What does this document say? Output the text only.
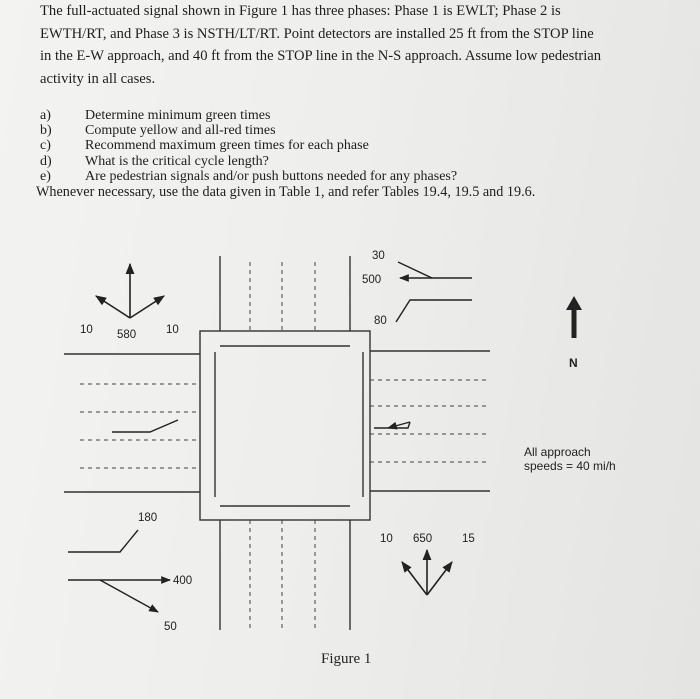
The full-actuated signal shown in Figure 1 has three phases: Phase 1 is EWLT; Phase 2 is
EWTH/RT, and Phase 3 is NSTH/LT/RT. Point detectors are installed 25 ft from the STOP line
in the E-W approach, and 40 ft from the STOP line in the N-S approach. Assume low pedestrian
activity in all cases.
a) Determine minimum green times
b) Compute yellow and all-red times
c) Recommend maximum green times for each phase
d) What is the critical cycle length?
e) Are pedestrian signals and/or push buttons needed for any phases?
Whenever necessary, use the data given in Table 1, and refer Tables 19.4, 19.5 and 19.6.
10 580	10
30
500
80
180
400
50
10 650	15
N
Figure 1
All approach
speeds = 40 mi/h
